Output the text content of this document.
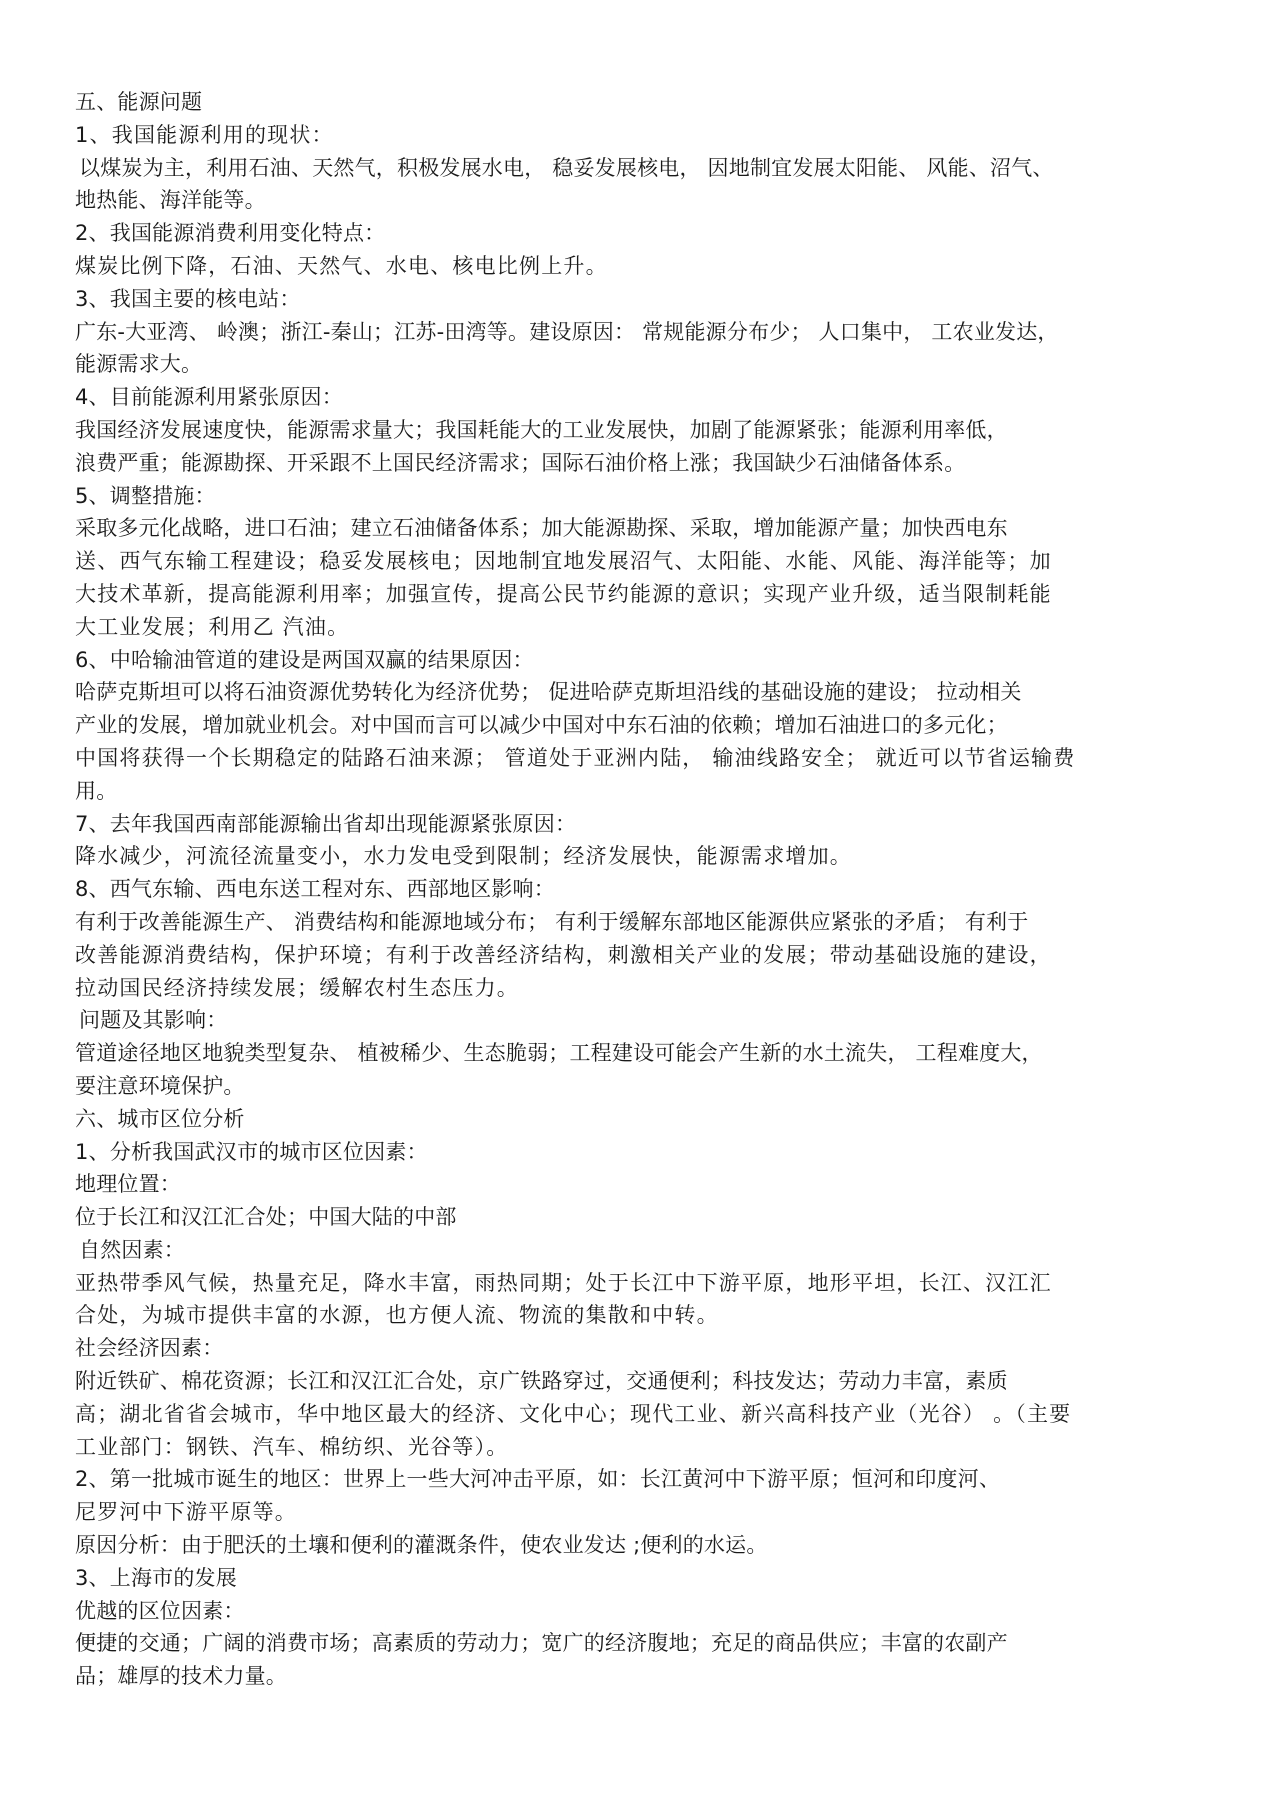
五、能源问题
1、我国能源利用的现状：
以煤炭为主，利用石油、天然气，积极发展水电， 稳妥发展核电， 因地制宜发展太阳能、 风能、沼气、
地热能、海洋能等。
2、我国能源消费利用变化特点：
煤炭比例下降，石油、天然气、水电、核电比例上升。
3、我国主要的核电站：
广东-大亚湾、 岭澳；浙江-秦山；江苏-田湾等。建设原因： 常规能源分布少； 人口集中， 工农业发达，
能源需求大。
4、目前能源利用紧张原因：
我国经济发展速度快，能源需求量大；我国耗能大的工业发展快，加剧了能源紧张；能源利用率低，
浪费严重；能源勘探、开采跟不上国民经济需求；国际石油价格上涨；我国缺少石油储备体系。
5、调整措施：
采取多元化战略，进口石油；建立石油储备体系；加大能源勘探、采取，增加能源产量；加快西电东
送、西气东输工程建设；稳妥发展核电；因地制宜地发展沼气、太阳能、水能、风能、海洋能等；加
大技术革新，提高能源利用率；加强宣传，提高公民节约能源的意识；实现产业升级，适当限制耗能
大工业发展；利用乙 汽油。
6、中哈输油管道的建设是两国双赢的结果原因：
哈萨克斯坦可以将石油资源优势转化为经济优势； 促进哈萨克斯坦沿线的基础设施的建设； 拉动相关
产业的发展，增加就业机会。对中国而言可以减少中国对中东石油的依赖；增加石油进口的多元化；
中国将获得一个长期稳定的陆路石油来源； 管道处于亚洲内陆， 输油线路安全； 就近可以节省运输费
用。
7、去年我国西南部能源输出省却出现能源紧张原因：
降水减少，河流径流量变小，水力发电受到限制；经济发展快，能源需求增加。
8、西气东输、西电东送工程对东、西部地区影响：
有利于改善能源生产、 消费结构和能源地域分布； 有利于缓解东部地区能源供应紧张的矛盾； 有利于
改善能源消费结构，保护环境；有利于改善经济结构，刺激相关产业的发展；带动基础设施的建设，
拉动国民经济持续发展；缓解农村生态压力。
问题及其影响：
管道途径地区地貌类型复杂、 植被稀少、生态脆弱；工程建设可能会产生新的水土流失， 工程难度大，
要注意环境保护。
六、城市区位分析
1、分析我国武汉市的城市区位因素：
地理位置：
位于长江和汉江汇合处；中国大陆的中部
自然因素：
亚热带季风气候，热量充足，降水丰富，雨热同期；处于长江中下游平原，地形平坦，长江、汉江汇
合处，为城市提供丰富的水源，也方便人流、物流的集散和中转。
社会经济因素：
附近铁矿、棉花资源；长江和汉江汇合处，京广铁路穿过，交通便利；科技发达；劳动力丰富，素质
高；湖北省省会城市，华中地区最大的经济、文化中心；现代工业、新兴高科技产业（光谷） 。（主要
工业部门：钢铁、汽车、棉纺织、光谷等）。
2、第一批城市诞生的地区：世界上一些大河冲击平原，如：长江黄河中下游平原；恒河和印度河、
尼罗河中下游平原等。
原因分析：由于肥沃的土壤和便利的灌溉条件，使农业发达 ;便利的水运。
3、上海市的发展
优越的区位因素：
便捷的交通；广阔的消费市场；高素质的劳动力；宽广的经济腹地；充足的商品供应；丰富的农副产
品；雄厚的技术力量。
